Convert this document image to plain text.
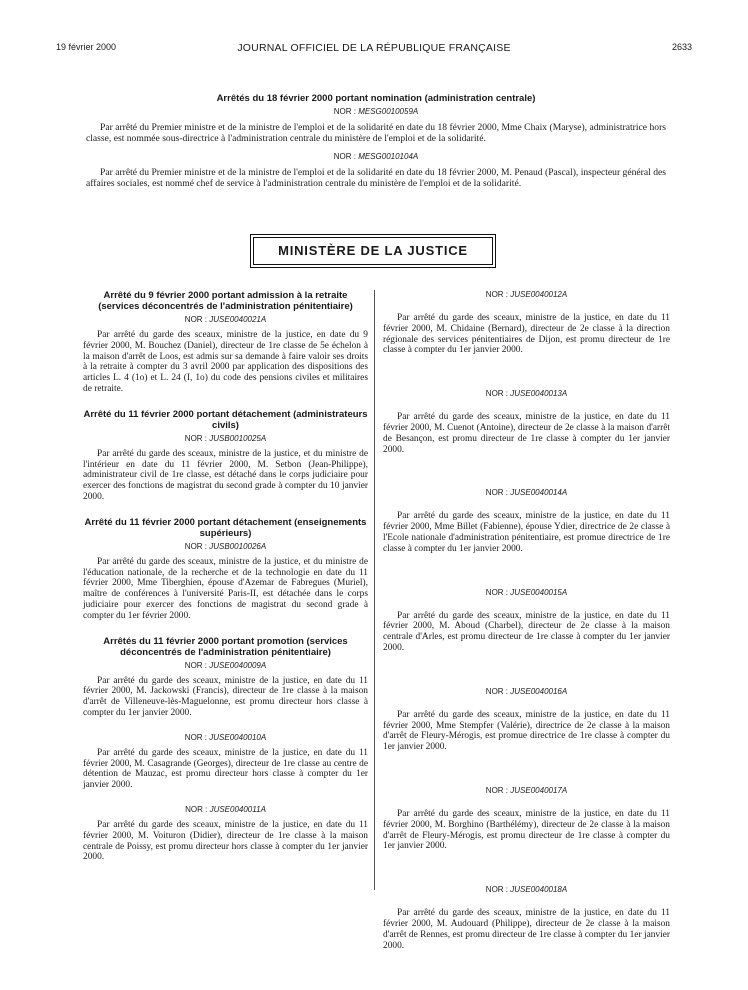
19 février 2000	JOURNAL OFFICIEL DE LA RÉPUBLIQUE FRANÇAISE	2633

Arrêtés du 18 février 2000 portant nomination (administration centrale)

NOR : MESG0010059A

Par arrêté du Premier ministre et de la ministre de l'emploi et de la solidarité en date du 18 février 2000, Mme Chaix (Maryse), administratrice hors classe, est nommée sous-directrice à l'administration centrale du ministère de l'emploi et de la solidarité.

NOR : MESG0010104A

Par arrêté du Premier ministre et de la ministre de l'emploi et de la solidarité en date du 18 février 2000, M. Penaud (Pascal), inspecteur général des affaires sociales, est nommé chef de service à l'administration centrale du ministère de l'emploi et de la solidarité.

MINISTÈRE DE LA JUSTICE

Arrêté du 9 février 2000 portant admission à la retraite (services déconcentrés de l'administration pénitentiaire)

NOR : JUSE0040021A

Par arrêté du garde des sceaux, ministre de la justice, en date du 9 février 2000, M. Bouchez (Daniel), directeur de 1re classe de 5e échelon à la maison d'arrêt de Loos, est admis sur sa demande à faire valoir ses droits à la retraite à compter du 3 avril 2000 par application des dispositions des articles L. 4 (1o) et L. 24 (I, 1o) du code des pensions civiles et militaires de retraite.

Arrêté du 11 février 2000 portant détachement (administrateurs civils)

NOR : JUSB0010025A

Par arrêté du garde des sceaux, ministre de la justice, et du ministre de l'intérieur en date du 11 février 2000, M. Setbon (Jean-Philippe), administrateur civil de 1re classe, est détaché dans le corps judiciaire pour exercer des fonctions de magistrat du second grade à compter du 10 janvier 2000.

Arrêté du 11 février 2000 portant détachement (enseignements supérieurs)

NOR : JUSB0010026A

Par arrêté du garde des sceaux, ministre de la justice, et du ministre de l'éducation nationale, de la recherche et de la technologie en date du 11 février 2000, Mme Tiberghien, épouse d'Azemar de Fabregues (Muriel), maître de conférences à l'université Paris-II, est détachée dans le corps judiciaire pour exercer des fonctions de magistrat du second grade à compter du 1er février 2000.

Arrêtés du 11 février 2000 portant promotion (services déconcentrés de l'administration pénitentiaire)

NOR : JUSE0040009A

Par arrêté du garde des sceaux, ministre de la justice, en date du 11 février 2000, M. Jackowski (Francis), directeur de 1re classe à la maison d'arrêt de Villeneuve-lès-Maguelonne, est promu directeur hors classe à compter du 1er janvier 2000.

NOR : JUSE0040010A

Par arrêté du garde des sceaux, ministre de la justice, en date du 11 février 2000, M. Casagrande (Georges), directeur de 1re classe au centre de détention de Mauzac, est promu directeur hors classe à compter du 1er janvier 2000.

NOR : JUSE0040011A

Par arrêté du garde des sceaux, ministre de la justice, en date du 11 février 2000, M. Voituron (Didier), directeur de 1re classe à la maison centrale de Poissy, est promu directeur hors classe à compter du 1er janvier 2000.

NOR : JUSE0040012A

Par arrêté du garde des sceaux, ministre de la justice, en date du 11 février 2000, M. Chidaine (Bernard), directeur de 2e classe à la direction régionale des services pénitentiaires de Dijon, est promu directeur de 1re classe à compter du 1er janvier 2000.

NOR : JUSE0040013A

Par arrêté du garde des sceaux, ministre de la justice, en date du 11 février 2000, M. Cuenot (Antoine), directeur de 2e classe à la maison d'arrêt de Besançon, est promu directeur de 1re classe à compter du 1er janvier 2000.

NOR : JUSE0040014A

Par arrêté du garde des sceaux, ministre de la justice, en date du 11 février 2000, Mme Billet (Fabienne), épouse Ydier, directrice de 2e classe à l'Ecole nationale d'administration pénitentiaire, est promue directrice de 1re classe à compter du 1er janvier 2000.

NOR : JUSE0040015A

Par arrêté du garde des sceaux, ministre de la justice, en date du 11 février 2000, M. Aboud (Charbel), directeur de 2e classe à la maison centrale d'Arles, est promu directeur de 1re classe à compter du 1er janvier 2000.

NOR : JUSE0040016A

Par arrêté du garde des sceaux, ministre de la justice, en date du 11 février 2000, Mme Stempfer (Valérie), directrice de 2e classe à la maison d'arrêt de Fleury-Mérogis, est promue directrice de 1re classe à compter du 1er janvier 2000.

NOR : JUSE0040017A

Par arrêté du garde des sceaux, ministre de la justice, en date du 11 février 2000, M. Borghino (Barthélémy), directeur de 2e classe à la maison d'arrêt de Fleury-Mérogis, est promu directeur de 1re classe à compter du 1er janvier 2000.

NOR : JUSE0040018A

Par arrêté du garde des sceaux, ministre de la justice, en date du 11 février 2000, M. Audouard (Philippe), directeur de 2e classe à la maison d'arrêt de Rennes, est promu directeur de 1re classe à compter du 1er janvier 2000.
